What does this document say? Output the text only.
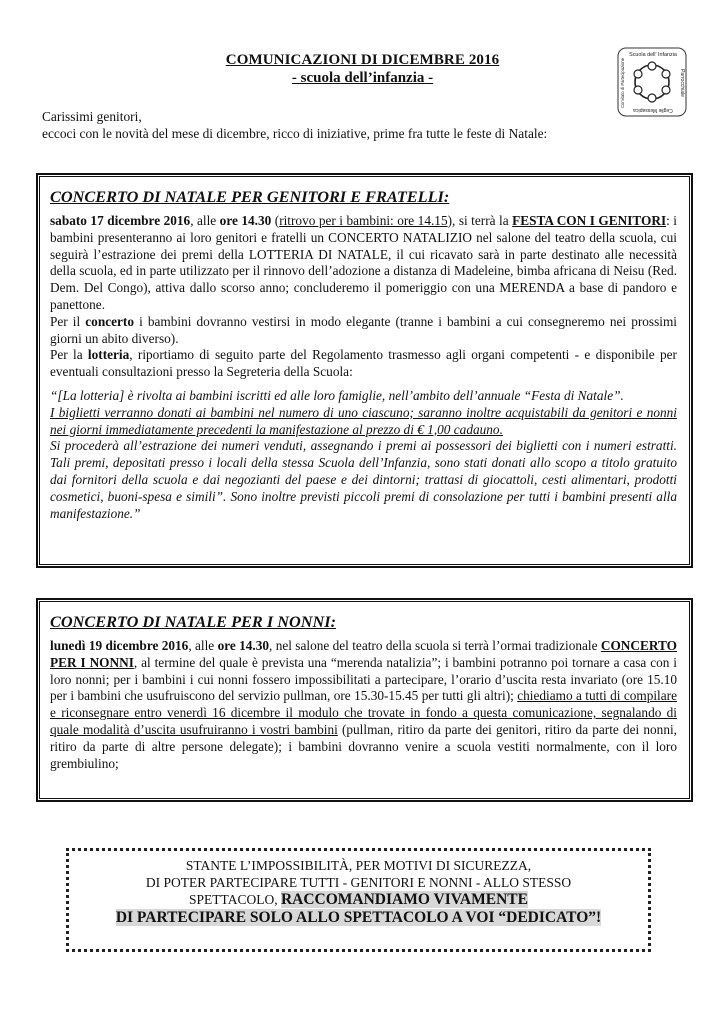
COMUNICAZIONI DI DICEMBRE 2016
- scuola dell’infanzia -
Scuola dell' Infanzia
Ceglie Messapica
Parrocchiale
Comitato di Partecipazione
Carissimi genitori,
eccoci con le novità del mese di dicembre, ricco di iniziative, prime fra tutte le feste di Natale:
CONCERTO DI NATALE PER GENITORI E FRATELLI:

sabato 17 dicembre 2016, alle ore 14.30 (ritrovo per i bambini: ore 14.15), si terrà la FESTA CON I GENITORI: i bambini presenteranno ai loro genitori e fratelli un CONCERTO NATALIZIO nel salone del teatro della scuola, cui seguirà l’estrazione dei premi della LOTTERIA DI NATALE, il cui ricavato sarà in parte destinato alle necessità della scuola, ed in parte utilizzato per il rinnovo dell’adozione a distanza di Madeleine, bimba africana di Neisu (Red. Dem. Del Congo), attiva dallo scorso anno; concluderemo il pomeriggio con una MERENDA a base di pandoro e panettone.

Per il concerto i bambini dovranno vestirsi in modo elegante (tranne i bambini a cui consegneremo nei prossimi giorni un abito diverso).

Per la lotteria, riportiamo di seguito parte del Regolamento trasmesso agli organi competenti - e disponibile per eventuali consultazioni presso la Segreteria della Scuola:

“[La lotteria] è rivolta ai bambini iscritti ed alle loro famiglie, nell’ambito dell’annuale “Festa di Natale”.

I biglietti verranno donati ai bambini nel numero di uno ciascuno; saranno inoltre acquistabili da genitori e nonni nei giorni immediatamente precedenti la manifestazione al prezzo di € 1,00 cadauno.

Si procederà all’estrazione dei numeri venduti, assegnando i premi ai possessori dei biglietti con i numeri estratti. Tali premi, depositati presso i locali della stessa Scuola dell’Infanzia, sono stati donati allo scopo a titolo gratuito dai fornitori della scuola e dai negozianti del paese e dei dintorni; trattasi di giocattoli, cesti alimentari, prodotti cosmetici, buoni-spesa e simili”. Sono inoltre previsti piccoli premi di consolazione per tutti i bambini presenti alla manifestazione.”

CONCERTO DI NATALE PER I NONNI:

lunedì 19 dicembre 2016, alle ore 14.30, nel salone del teatro della scuola si terrà l’ormai tradizionale CONCERTO PER I NONNI, al termine del quale è prevista una “merenda natalizia”; i bambini potranno poi tornare a casa con i loro nonni; per i bambini i cui nonni fossero impossibilitati a partecipare, l’orario d’uscita resta invariato (ore 15.10 per i bambini che usufruiscono del servizio pullman, ore 15.30-15.45 per tutti gli altri); chiediamo a tutti di compilare e riconsegnare entro venerdì 16 dicembre il modulo che trovate in fondo a questa comunicazione, segnalando di quale modalità d’uscita usufruiranno i vostri bambini (pullman, ritiro da parte dei genitori, ritiro da parte dei nonni, ritiro da parte di altre persone delegate); i bambini dovranno venire a scuola vestiti normalmente, con il loro grembiulino;

STANTE L’IMPOSSIBILITÀ, PER MOTIVI DI SICUREZZA,
DI POTER PARTECIPARE TUTTI - GENITORI E NONNI - ALLO STESSO
SPETTACOLO, RACCOMANDIAMO VIVAMENTE
DI PARTECIPARE SOLO ALLO SPETTACOLO A VOI “DEDICATO”!
